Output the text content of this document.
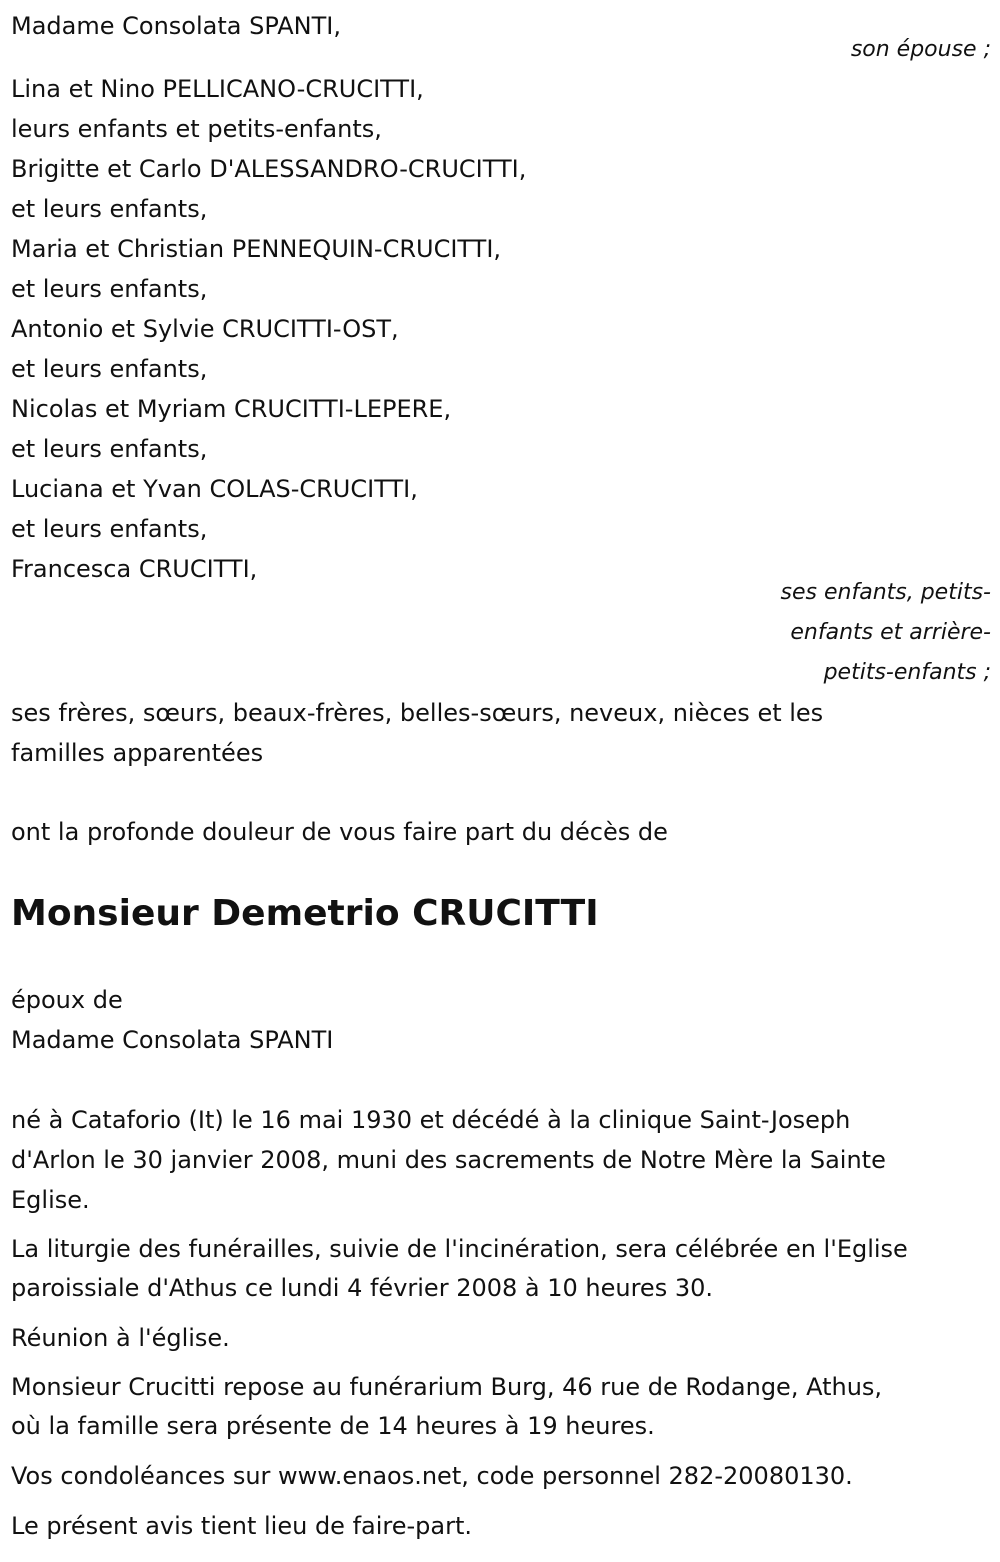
Madame Consolata SPANTI,
son épouse ;
Lina et Nino PELLICANO-CRUCITTI,
leurs enfants et petits-enfants,
Brigitte et Carlo D'ALESSANDRO-CRUCITTI,
et leurs enfants,
Maria et Christian PENNEQUIN-CRUCITTI,
et leurs enfants,
Antonio et Sylvie CRUCITTI-OST,
et leurs enfants,
Nicolas et Myriam CRUCITTI-LEPERE,
et leurs enfants,
Luciana et Yvan COLAS-CRUCITTI,
et leurs enfants,
Francesca CRUCITTI,
ses enfants, petits-
enfants et arrière-
petits-enfants ;
ses frères, sœurs, beaux-frères, belles-sœurs, neveux, nièces et les
familles apparentées
ont la profonde douleur de vous faire part du décès de
Monsieur Demetrio CRUCITTI
époux de
Madame Consolata SPANTI
né à Cataforio (It) le 16 mai 1930 et décédé à la clinique Saint-Joseph
d'Arlon le 30 janvier 2008, muni des sacrements de Notre Mère la Sainte
Eglise.
La liturgie des funérailles, suivie de l'incinération, sera célébrée en l'Eglise
paroissiale d'Athus ce lundi 4 février 2008 à 10 heures 30.
Réunion à l'église.
Monsieur Crucitti repose au funérarium Burg, 46 rue de Rodange, Athus,
où la famille sera présente de 14 heures à 19 heures.
Vos condoléances sur www.enaos.net, code personnel 282-20080130.
Le présent avis tient lieu de faire-part.
